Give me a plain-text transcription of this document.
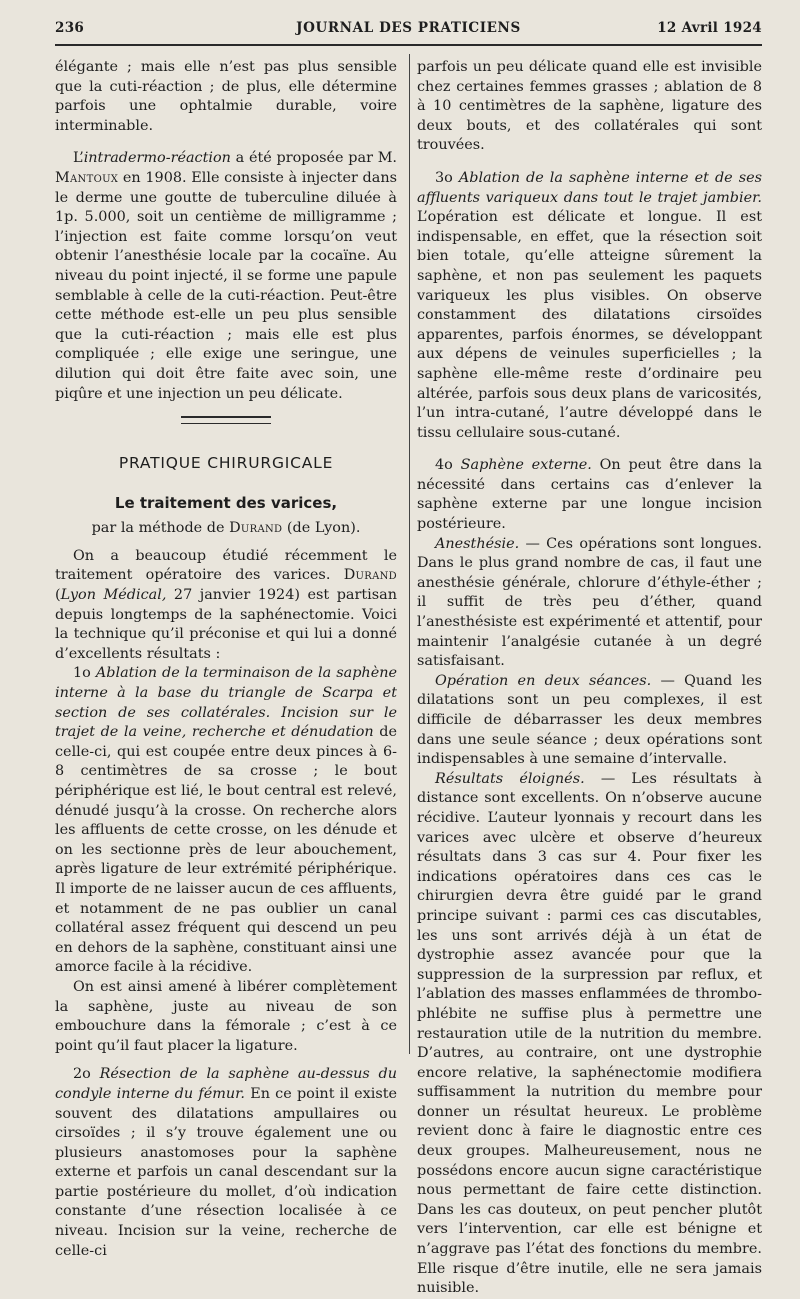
236	JOURNAL DES PRATICIENS	12 Avril 1924

élégante ; mais elle n’est pas plus sensible que la cuti-réaction ; de plus, elle détermine parfois une ophtalmie durable, voire interminable.

L’intradermo-réaction a été proposée par M. Mantoux en 1908. Elle consiste à injecter dans le derme une goutte de tuberculine diluée à 1p. 5.000, soit un centième de milligramme ; l’injection est faite comme lorsqu’on veut obtenir l’anesthésie locale par la cocaïne. Au niveau du point injecté, il se forme une papule semblable à celle de la cuti-réaction. Peut-être cette méthode est-elle un peu plus sensible que la cuti-réaction ; mais elle est plus compliquée ; elle exige une seringue, une dilution qui doit être faite avec soin, une piqûre et une injection un peu délicate.

PRATIQUE CHIRURGICALE

Le traitement des varices,

par la méthode de Durand (de Lyon).

On a beaucoup étudié récemment le traitement opératoire des varices. Durand (Lyon Médical, 27 janvier 1924) est partisan depuis longtemps de la saphénectomie. Voici la technique qu’il préconise et qui lui a donné d’excellents résultats :

1o Ablation de la terminaison de la saphène interne à la base du triangle de Scarpa et section de ses collatérales. Incision sur le trajet de la veine, recherche et dénudation de celle-ci, qui est coupée entre deux pinces à 6-8 centimètres de sa crosse ; le bout périphérique est lié, le bout central est relevé, dénudé jusqu’à la crosse. On recherche alors les affluents de cette crosse, on les dénude et on les sectionne près de leur abouchement, après ligature de leur extrémité périphérique. Il importe de ne laisser aucun de ces affluents, et notamment de ne pas oublier un canal collatéral assez fréquent qui descend un peu en dehors de la saphène, constituant ainsi une amorce facile à la récidive.

On est ainsi amené à libérer complètement la saphène, juste au niveau de son embouchure dans la fémorale ; c’est à ce point qu’il faut placer la ligature.

2o Résection de la saphène au-dessus du condyle interne du fémur. En ce point il existe souvent des dilatations ampullaires ou cirsoïdes ; il s’y trouve également une ou plusieurs anastomoses pour la saphène externe et parfois un canal descendant sur la partie postérieure du mollet, d’où indication constante d’une résection localisée à ce niveau. Incision sur la veine, recherche de celle-ci

parfois un peu délicate quand elle est invisible chez certaines femmes grasses ; ablation de 8 à 10 centimètres de la saphène, ligature des deux bouts, et des collatérales qui sont trouvées.

3o Ablation de la saphène interne et de ses affluents variqueux dans tout le trajet jambier. L’opération est délicate et longue. Il est indispensable, en effet, que la résection soit bien totale, qu’elle atteigne sûrement la saphène, et non pas seulement les paquets variqueux les plus visibles. On observe constamment des dilatations cirsoïdes apparentes, parfois énormes, se développant aux dépens de veinules superficielles ; la saphène elle-même reste d’ordinaire peu altérée, parfois sous deux plans de varicosités, l’un intra-cutané, l’autre développé dans le tissu cellulaire sous-cutané.

4o Saphène externe. On peut être dans la nécessité dans certains cas d’enlever la saphène externe par une longue incision postérieure.

Anesthésie. — Ces opérations sont longues. Dans le plus grand nombre de cas, il faut une anesthésie générale, chlorure d’éthyle-éther ; il suffit de très peu d’éther, quand l’anesthésiste est expérimenté et attentif, pour maintenir l’analgésie cutanée à un degré satisfaisant.

Opération en deux séances. — Quand les dilatations sont un peu complexes, il est difficile de débarrasser les deux membres dans une seule séance ; deux opérations sont indispensables à une semaine d’intervalle.

Résultats éloignés. — Les résultats à distance sont excellents. On n’observe aucune récidive. L’auteur lyonnais y recourt dans les varices avec ulcère et observe d’heureux résultats dans 3 cas sur 4. Pour fixer les indications opératoires dans ces cas le chirurgien devra être guidé par le grand principe suivant : parmi ces cas discutables, les uns sont arrivés déjà à un état de dystrophie assez avancée pour que la suppression de la surpression par reflux, et l’ablation des masses enflammées de thrombo-phlébite ne suffise plus à permettre une restauration utile de la nutrition du membre. D’autres, au contraire, ont une dystrophie encore relative, la saphénectomie modifiera suffisamment la nutrition du membre pour donner un résultat heureux. Le problème revient donc à faire le diagnostic entre ces deux groupes. Malheureusement, nous ne possédons encore aucun signe caractéristique nous permettant de faire cette distinction. Dans les cas douteux, on peut pencher plutôt vers l’intervention, car elle est bénigne et n’aggrave pas l’état des fonctions du membre. Elle risque d’être inutile, elle ne sera jamais nuisible.
